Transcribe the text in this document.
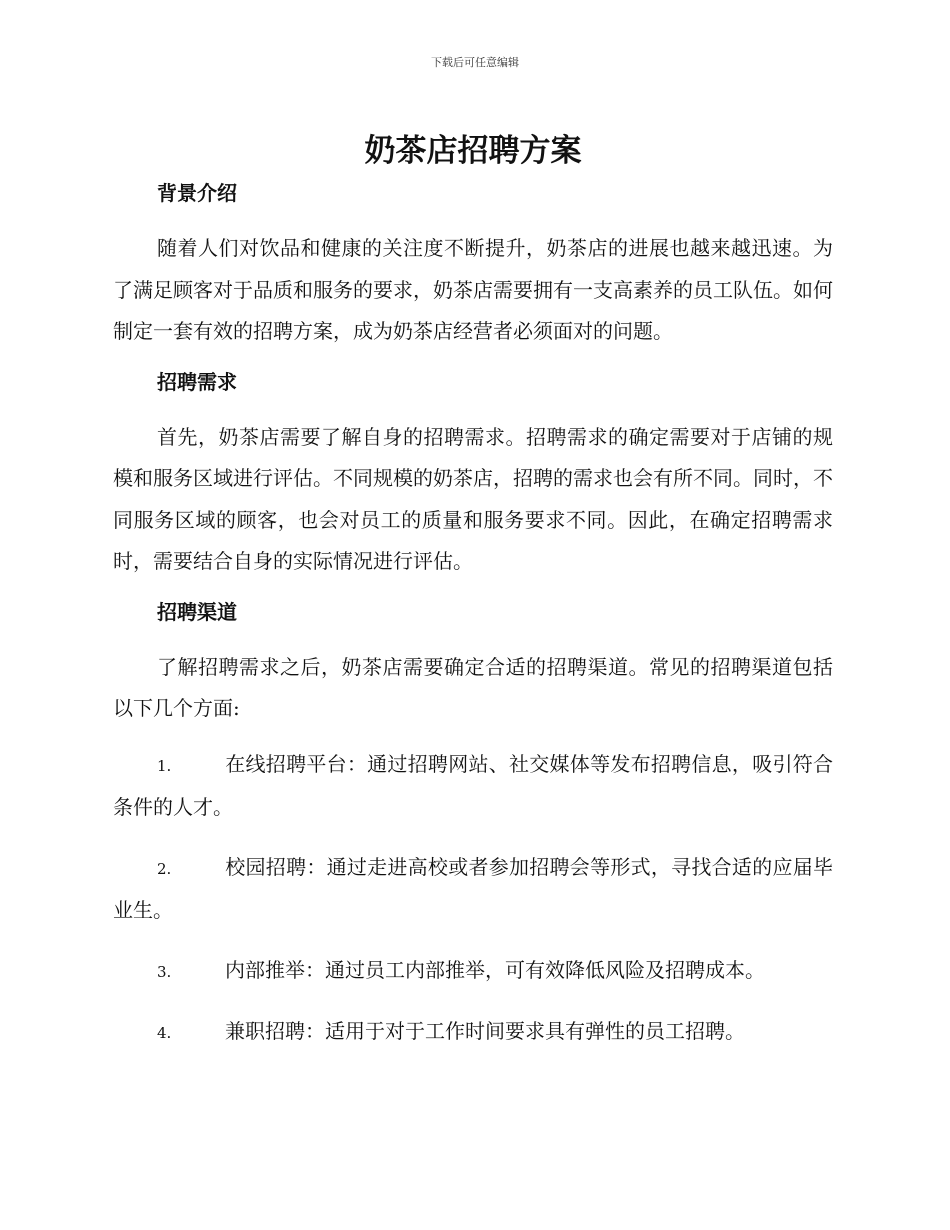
下载后可任意编辑
奶茶店招聘方案
背景介绍

随着人们对饮品和健康的关注度不断提升，奶茶店的进展也越来越迅速。为了满足顾客对于品质和服务的要求，奶茶店需要拥有一支高素养的员工队伍。如何制定一套有效的招聘方案，成为奶茶店经营者必须面对的问题。

招聘需求

首先，奶茶店需要了解自身的招聘需求。招聘需求的确定需要对于店铺的规模和服务区域进行评估。不同规模的奶茶店，招聘的需求也会有所不同。同时，不同服务区域的顾客，也会对员工的质量和服务要求不同。因此，在确定招聘需求时，需要结合自身的实际情况进行评估。

招聘渠道

了解招聘需求之后，奶茶店需要确定合适的招聘渠道。常见的招聘渠道包括以下几个方面:

1.	在线招聘平台：通过招聘网站、社交媒体等发布招聘信息，吸引符合条件的人才。
2.	校园招聘：通过走进高校或者参加招聘会等形式，寻找合适的应届毕业生。
3.	内部推举：通过员工内部推举，可有效降低风险及招聘成本。
4.	兼职招聘：适用于对于工作时间要求具有弹性的员工招聘。
